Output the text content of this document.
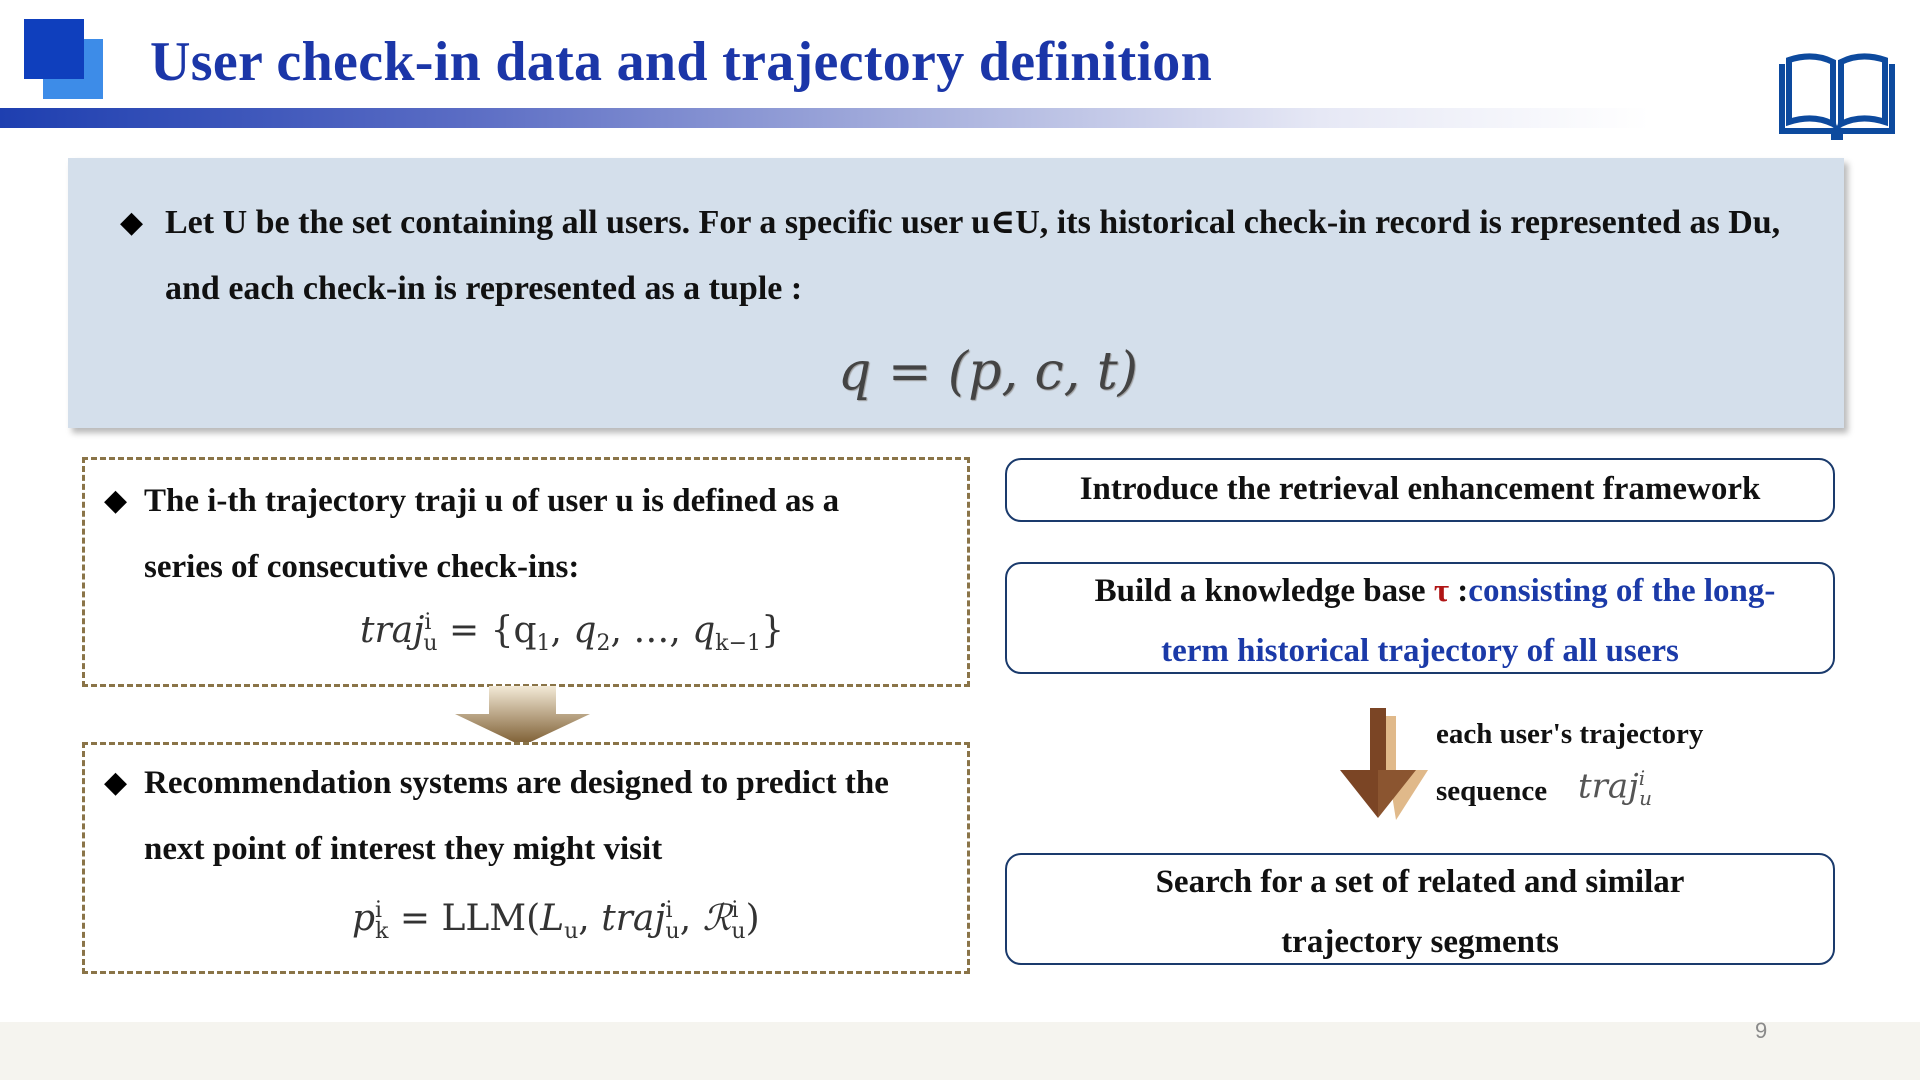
User check-in data and trajectory definition
◆ Let U be the set containing all users. For a specific user u∈U, its historical check-in record is represented as Du, and each check-in is represented as a tuple :
q = (p, c, t)
◆ The i-th trajectory traji u of user u is defined as a
series of consecutive check-ins:
traj$^i_u$ = {$q_1$, $q_2$, …, $q_{k-1}$}
◆ Recommendation systems are designed to predict the
next point of interest they might visit
$p^i_k = LLM(L_u$, traj$^i_u$, ℛ$^i_u$)
Introduce the retrieval enhancement framework
Build a knowledge base τ :consisting of the long-
term historical trajectory of all users
each user's trajectory
sequence traj$^i_u$
Search for a set of related and similar
trajectory segments
9
